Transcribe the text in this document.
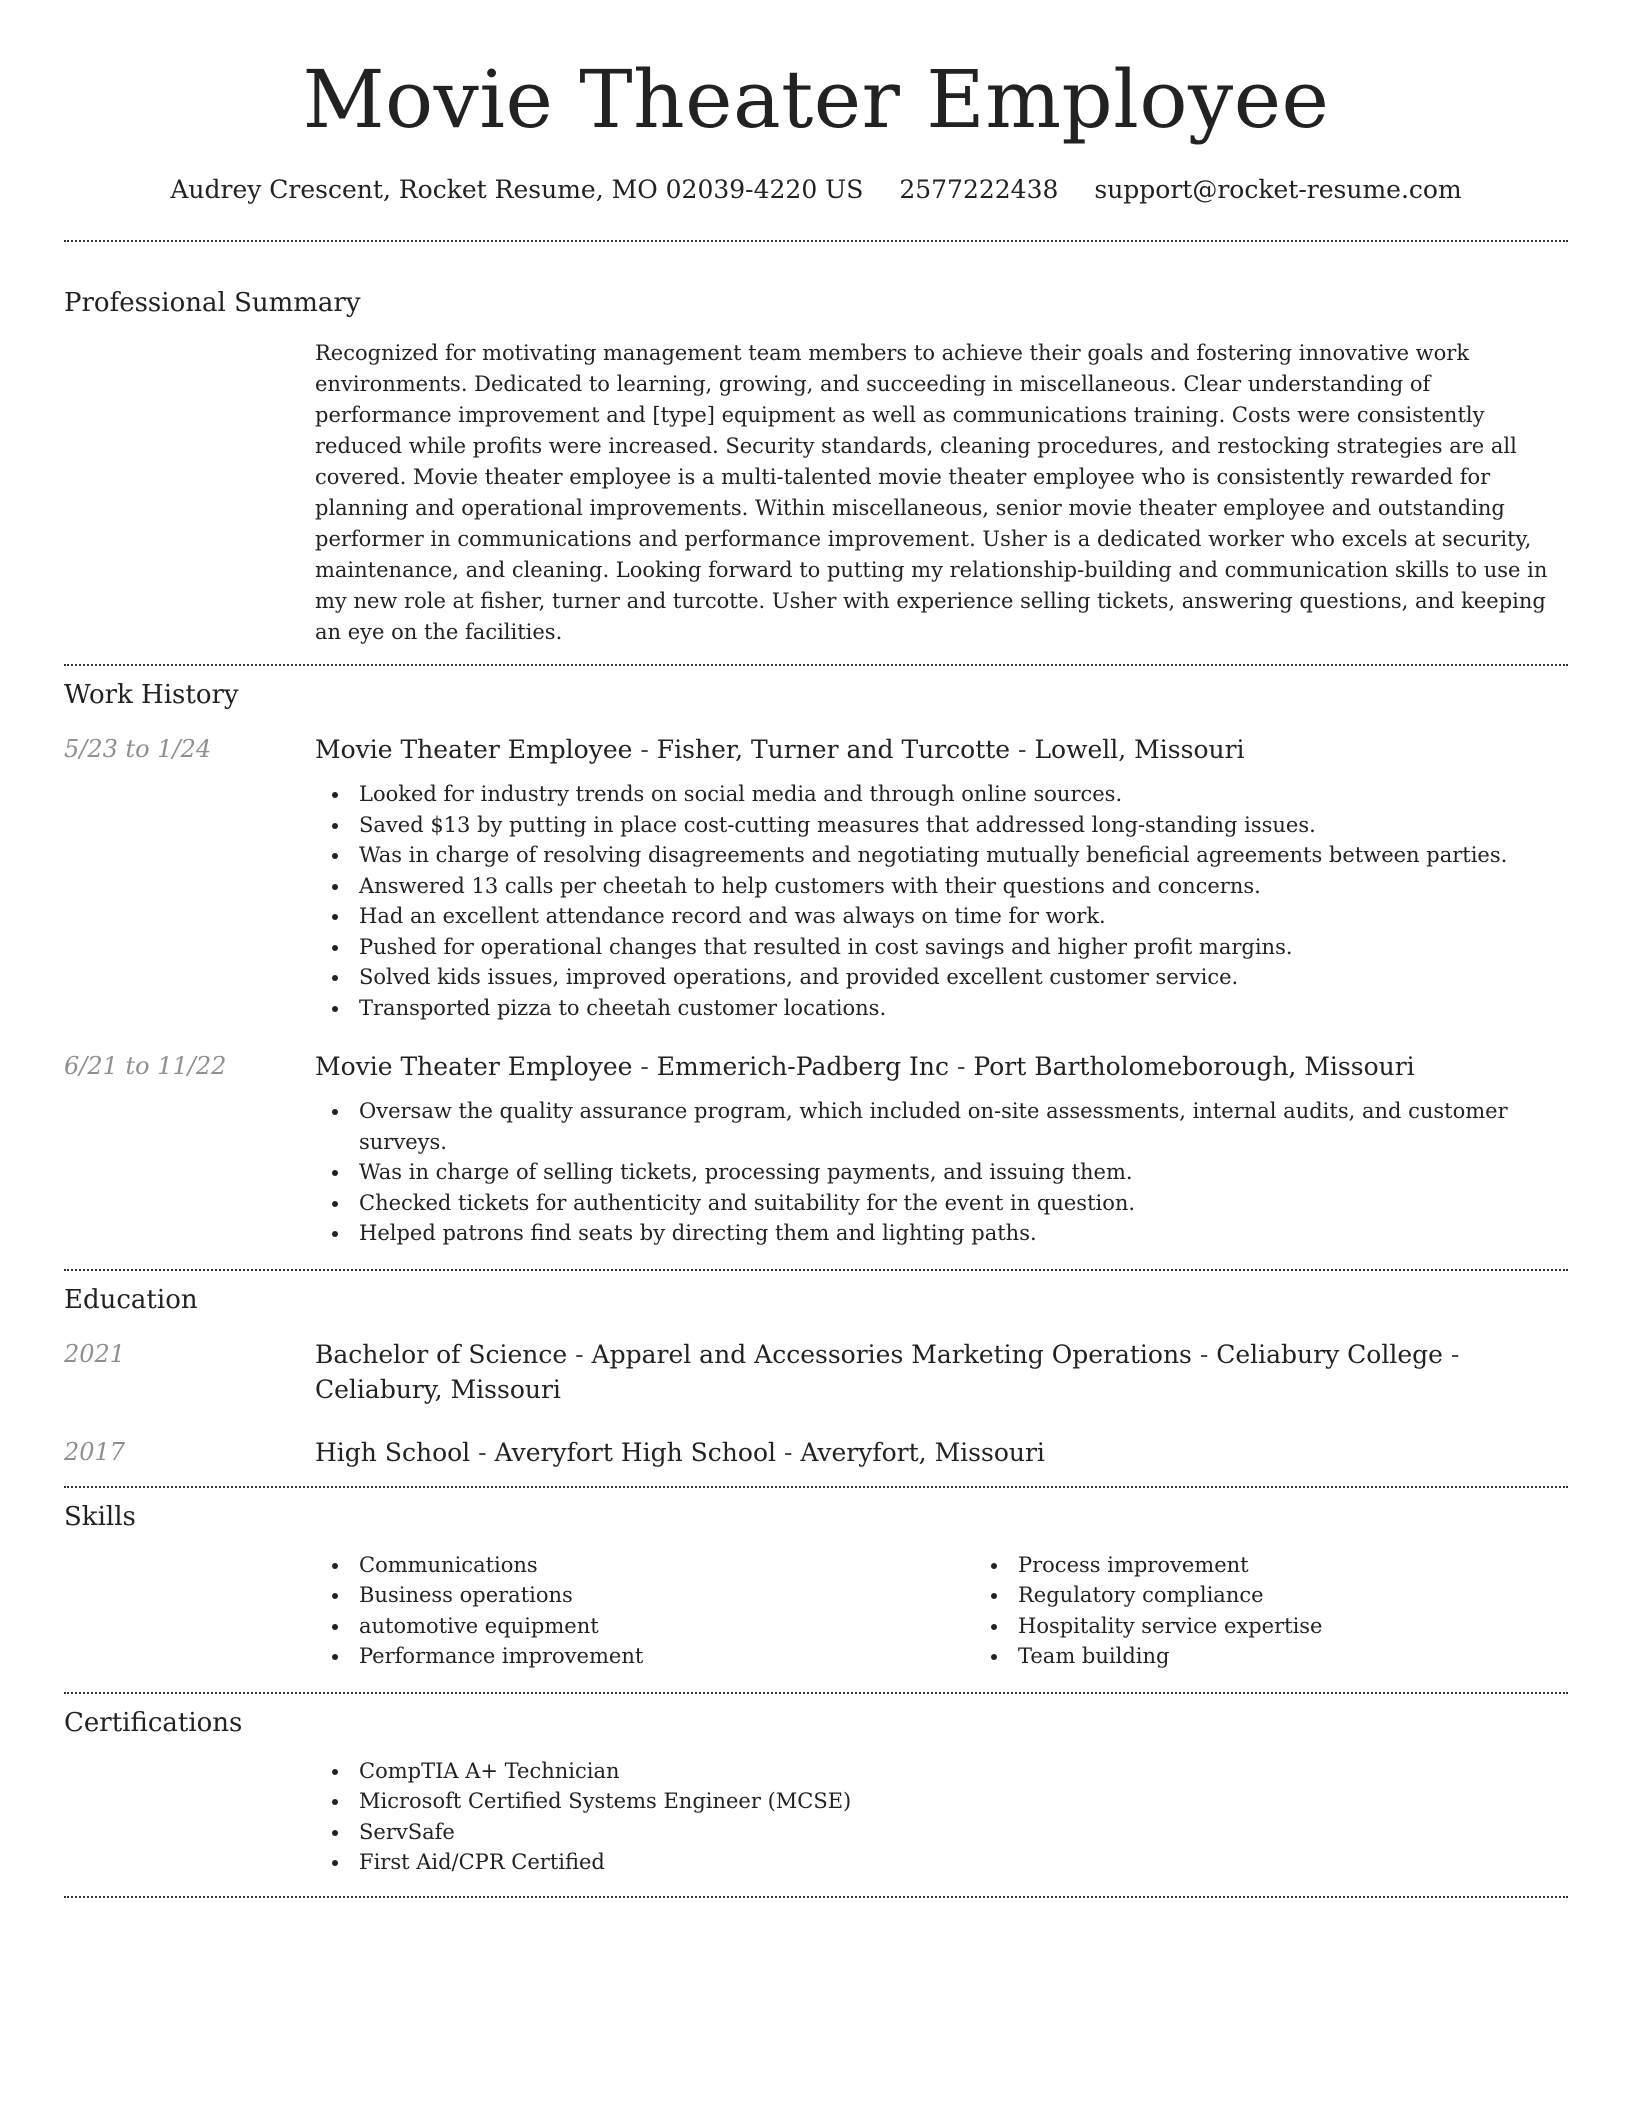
Movie Theater Employee
Audrey Crescent, Rocket Resume, MO 02039-4220 US 2577222438 support@rocket-resume.com
Professional Summary

Recognized for motivating management team members to achieve their goals and fostering innovative work environments. Dedicated to learning, growing, and succeeding in miscellaneous. Clear understanding of performance improvement and [type] equipment as well as communications training. Costs were consistently reduced while profits were increased. Security standards, cleaning procedures, and restocking strategies are all covered. Movie theater employee is a multi-talented movie theater employee who is consistently rewarded for planning and operational improvements. Within miscellaneous, senior movie theater employee and outstanding performer in communications and performance improvement. Usher is a dedicated worker who excels at security, maintenance, and cleaning. Looking forward to putting my relationship-building and communication skills to use in my new role at fisher, turner and turcotte. Usher with experience selling tickets, answering questions, and keeping an eye on the facilities.

Work History
5/23 to 1/24	Movie Theater Employee - Fisher, Turner and Turcotte - Lowell, Missouri
Looked for industry trends on social media and through online sources.
Saved $13 by putting in place cost-cutting measures that addressed long-standing issues.
Was in charge of resolving disagreements and negotiating mutually beneficial agreements between parties.
Answered 13 calls per cheetah to help customers with their questions and concerns.
Had an excellent attendance record and was always on time for work.
Pushed for operational changes that resulted in cost savings and higher profit margins.
Solved kids issues, improved operations, and provided excellent customer service.
Transported pizza to cheetah customer locations.
6/21 to 11/22	Movie Theater Employee - Emmerich-Padberg Inc - Port Bartholomeborough, Missouri
Oversaw the quality assurance program, which included on-site assessments, internal audits, and customer surveys.
Was in charge of selling tickets, processing payments, and issuing them.
Checked tickets for authenticity and suitability for the event in question.
Helped patrons find seats by directing them and lighting paths.
Education
2021	Bachelor of Science - Apparel and Accessories Marketing Operations - Celiabury College - Celiabury, Missouri
2017	High School - Averyfort High School - Averyfort, Missouri
Skills
Communications
Business operations
automotive equipment
Performance improvement
Process improvement
Regulatory compliance
Hospitality service expertise
Team building
Certifications
CompTIA A+ Technician
Microsoft Certified Systems Engineer (MCSE)
ServSafe
First Aid/CPR Certified
